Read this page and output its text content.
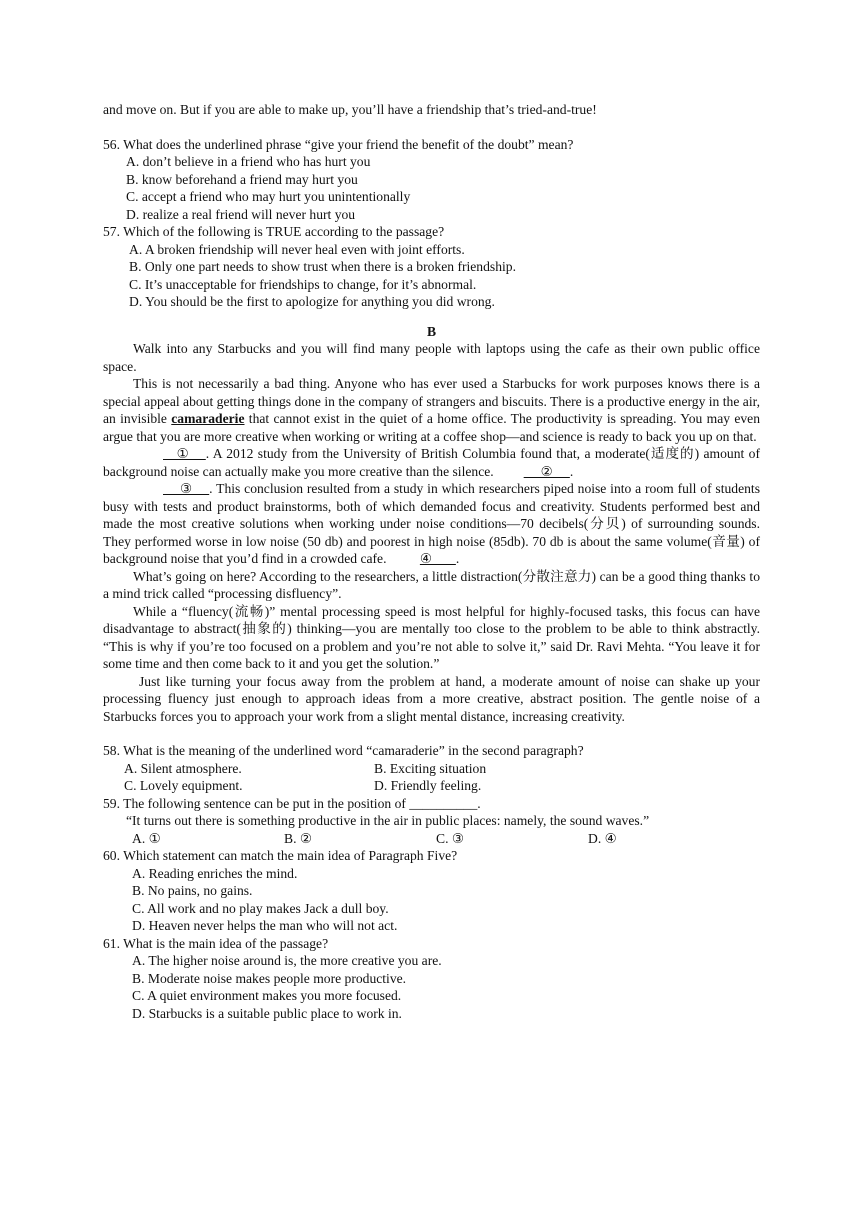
and move on. But if you are able to make up, you’ll have a friendship that’s tried-and-true!
56. What does the underlined phrase “give your friend the benefit of the doubt” mean?
A. don’t believe in a friend who has hurt you
B. know beforehand a friend may hurt you
C. accept a friend who may hurt you unintentionally
D. realize a real friend will never hurt you
57. Which of the following is TRUE according to the passage?
A. A broken friendship will never heal even with joint efforts.
B. Only one part needs to show trust when there is a broken friendship.
C. It’s unacceptable for friendships to change, for it’s abnormal.
D. You should be the first to apologize for anything you did wrong.
B

Walk into any Starbucks and you will find many people with laptops using the cafe as their own public office space.

This is not necessarily a bad thing. Anyone who has ever used a Starbucks for work purposes knows there is a special appeal about getting things done in the company of strangers and biscuits. There is a productive energy in the air, an invisible camaraderie that cannot exist in the quiet of a home office. The productivity is spreading. You may even argue that you are more creative when working or writing at a coffee shop—and science is ready to back you up on that.

①     . A 2012 study from the University of British Columbia found that, a moderate(适度的) amount of background noise can actually make you more creative than the silence.     ②     .

③     . This conclusion resulted from a study in which researchers piped noise into a room full of students busy with tests and product brainstorms, both of which demanded focus and creativity. Students performed best and made the most creative solutions when working under noise conditions—70 decibels(分贝) of surrounding sounds. They performed worse in low noise (50 db) and poorest in high noise (85db). 70 db is about the same volume(音量) of background noise that you’d find in a crowded cafe. ④       .

What’s going on here? According to the researchers, a little distraction(分散注意力) can be a good thing thanks to a mind trick called “processing disfluency”.

While a “fluency(流畅)” mental processing speed is most helpful for highly-focused tasks, this focus can have disadvantage to abstract(抽象的) thinking—you are mentally too close to the problem to be able to think abstractly. “This is why if you’re too focused on a problem and you’re not able to solve it,” said Dr. Ravi Mehta. “You leave it for some time and then come back to it and you get the solution.”

Just like turning your focus away from the problem at hand, a moderate amount of noise can shake up your processing fluency just enough to approach ideas from a more creative, abstract position. The gentle noise of a Starbucks forces you to approach your work from a slight mental distance, increasing creativity.

58. What is the meaning of the underlined word “camaraderie” in the second paragraph?
A. Silent atmosphere.	B. Exciting situation
C. Lovely equipment.	D. Friendly feeling.
59. The following sentence can be put in the position of __________.
“It turns out there is something productive in the air in public places: namely, the sound waves.”
A. ①	B. ②	C. ③	D. ④
60. Which statement can match the main idea of Paragraph Five?
A. Reading enriches the mind.
B. No pains, no gains.
C. All work and no play makes Jack a dull boy.
D. Heaven never helps the man who will not act.
61. What is the main idea of the passage?
A. The higher noise around is, the more creative you are.
B. Moderate noise makes people more productive.
C. A quiet environment makes you more focused.
D. Starbucks is a suitable public place to work in.
